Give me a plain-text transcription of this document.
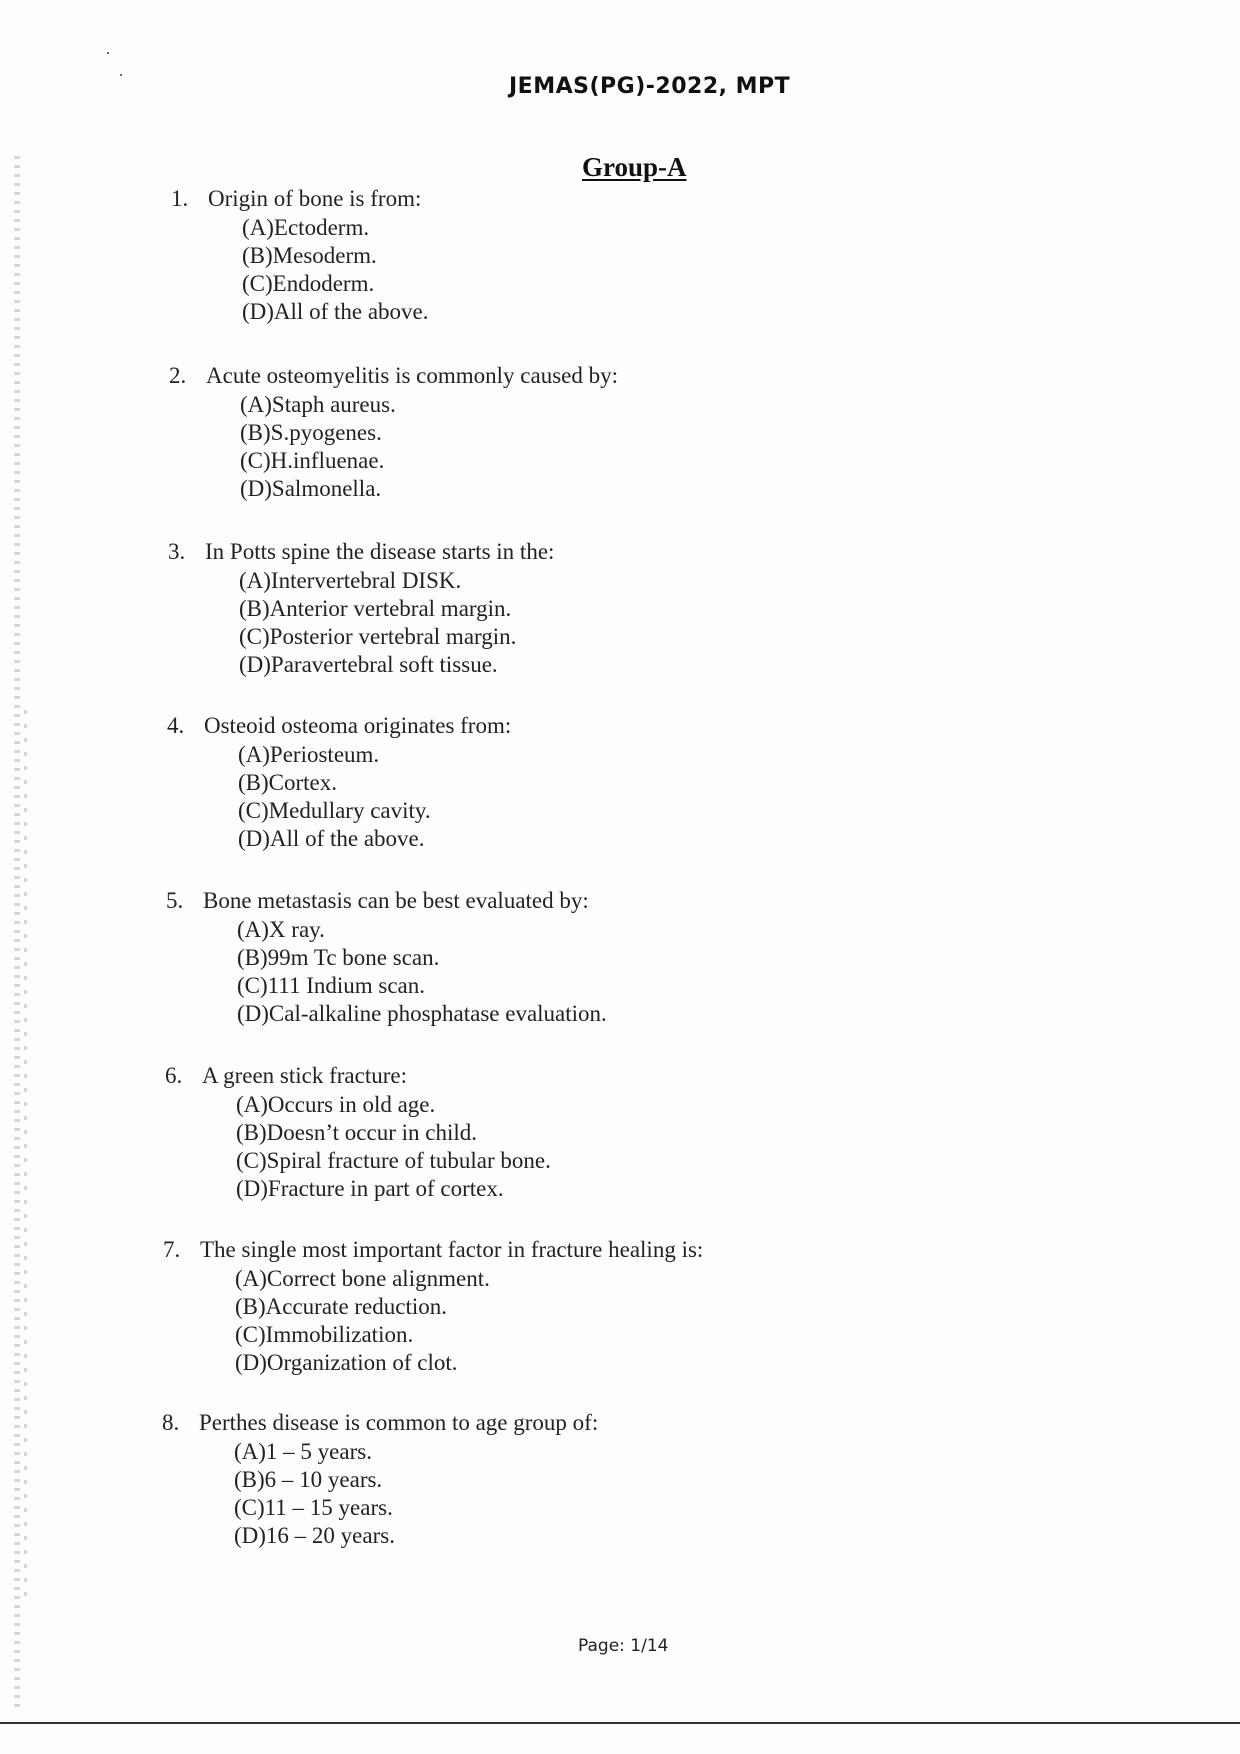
JEMAS(PG)-2022, MPT
Group-A
1. Origin of bone is from:
(A)Ectoderm.
(B)Mesoderm.
(C)Endoderm.
(D)All of the above.
2. Acute osteomyelitis is commonly caused by:
(A)Staph aureus.
(B)S.pyogenes.
(C)H.influenae.
(D)Salmonella.
3. In Potts spine the disease starts in the:
(A)Intervertebral DISK.
(B)Anterior vertebral margin.
(C)Posterior vertebral margin.
(D)Paravertebral soft tissue.
4. Osteoid osteoma originates from:
(A)Periosteum.
(B)Cortex.
(C)Medullary cavity.
(D)All of the above.
5. Bone metastasis can be best evaluated by:
(A)X ray.
(B)99m Tc bone scan.
(C)111 Indium scan.
(D)Cal-alkaline phosphatase evaluation.
6. A green stick fracture:
(A)Occurs in old age.
(B)Doesn’t occur in child.
(C)Spiral fracture of tubular bone.
(D)Fracture in part of cortex.
7. The single most important factor in fracture healing is:
(A)Correct bone alignment.
(B)Accurate reduction.
(C)Immobilization.
(D)Organization of clot.
8. Perthes disease is common to age group of:
(A)1 – 5 years.
(B)6 – 10 years.
(C)11 – 15 years.
(D)16 – 20 years.
Page: 1/14
